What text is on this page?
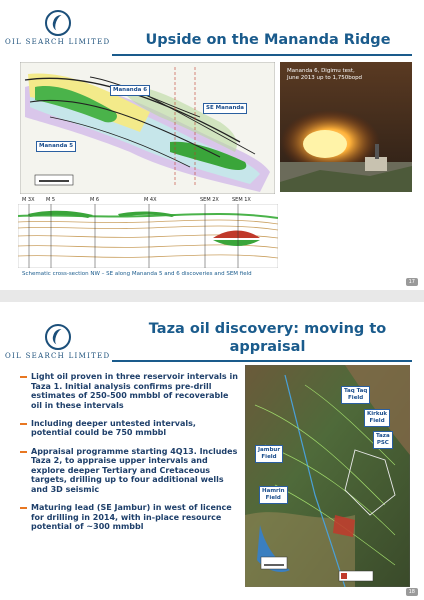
OIL SEARCH LIMITED	Upside on the Mananda Ridge
Mananda 6
SE Mananda
Mananda 5
Mananda 6, Digimu test,
June 2013 up to 1,750bopd
M 3X M 5	M 6	M 4X	SEM 2X	SEM 1X
Schematic cross-section NW – SE along Mananda 5 and 6 discoveries and SEM field
17
OIL SEARCH LIMITED
Taza oil discovery: moving to
appraisal
Light oil proven in three reservoir intervals in Taza 1. Initial analysis confirms pre-drill estimates of 250-500 mmbbl of recoverable oil in these intervals
Including deeper untested intervals, potential could be 750 mmbbl
Appraisal programme starting 4Q13. Includes Taza 2, to appraise upper intervals and explore deeper Tertiary and Cretaceous targets, drilling up to four additional wells and 3D seismic
Maturing lead (SE Jambur) in west of licence for drilling in 2014, with in-place resource potential of ~300 mmbbl
Taq Taq
Field
Kirkuk
Field
Taza
PSC
Jambur
Field
Hamrin
Field
18
